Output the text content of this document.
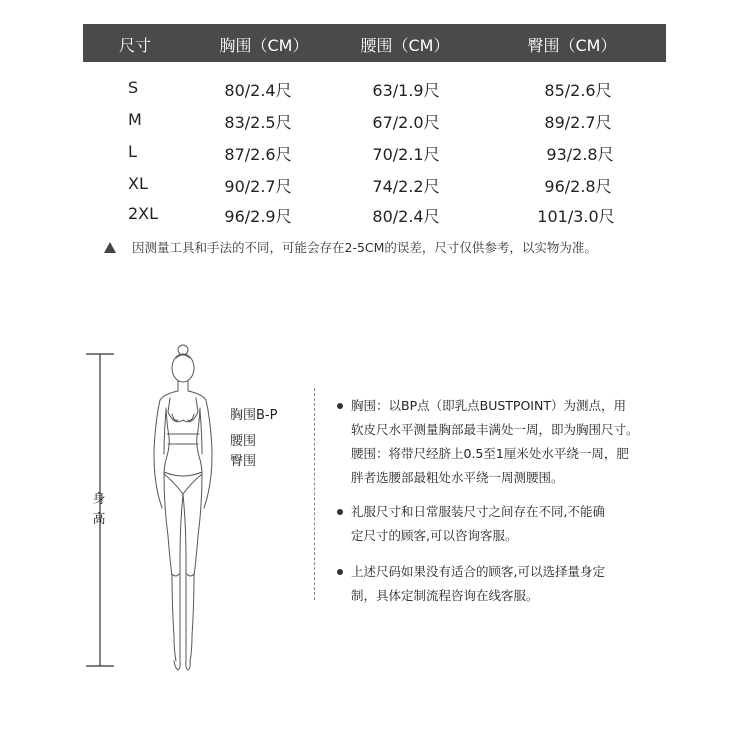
尺寸	胸围（CM）	腰围（CM）	臀围（CM）
S	80/2.4尺	63/1.9尺	85/2.6尺
M	83/2.5尺	67/2.0尺	89/2.7尺
L	87/2.6尺	70/2.1尺	93/2.8尺
XL	90/2.7尺	74/2.2尺	96/2.8尺
2XL	96/2.9尺	80/2.4尺	101/3.0尺
因测量工具和手法的不同，可能会存在2-5CM的误差，尺寸仅供参考，以实物为准。
身
高
胸围B-P
腰围
臀围

胸围：以BP点（即乳点BUSTPOINT）为测点，用

软皮尺水平测量胸部最丰满处一周，即为胸围尺寸。

腰围：将带尺经脐上0.5至1厘米处水平绕一周，肥

胖者选腰部最粗处水平绕一周测腰围。

礼服尺寸和日常服装尺寸之间存在不同,不能确

定尺寸的顾客,可以咨询客服。

上述尺码如果没有适合的顾客,可以选择量身定

制，具体定制流程咨询在线客服。
